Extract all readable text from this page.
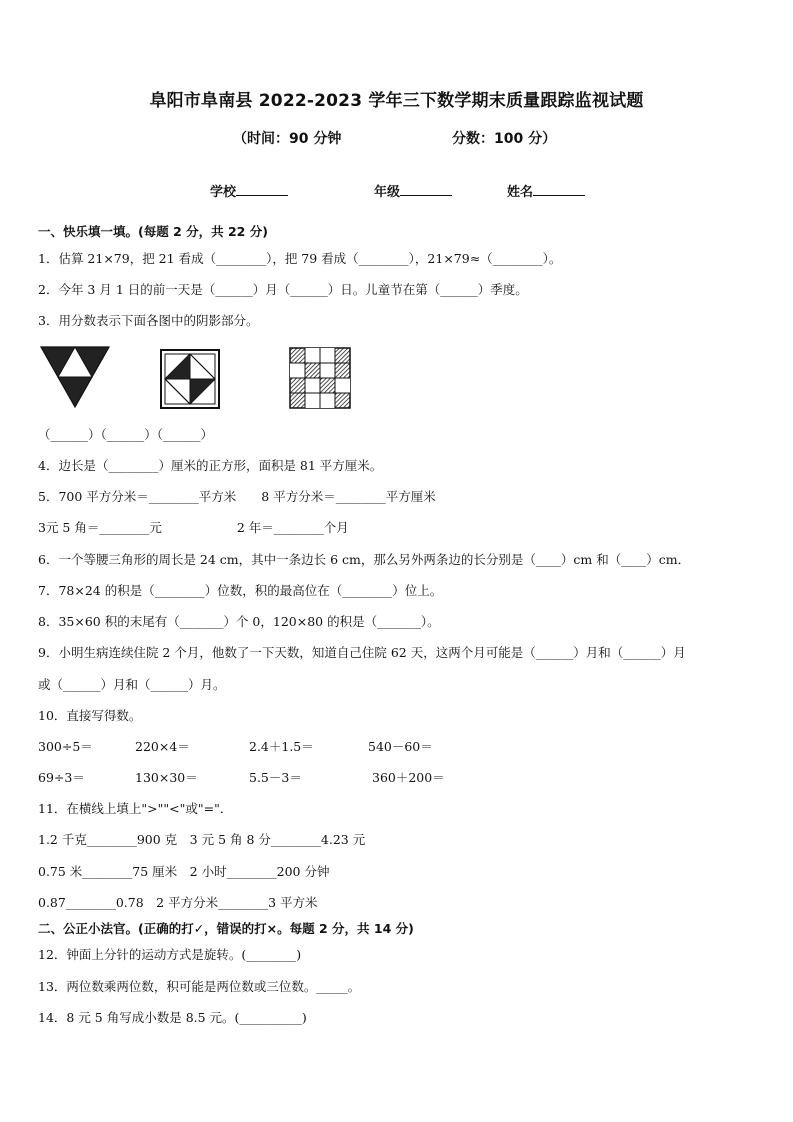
阜阳市阜南县 2022-2023 学年三下数学期末质量跟踪监视试题
（时间：90 分钟	分数：100 分）
学校	年级	姓名
一、快乐填一填。(每题 2 分，共 22 分)
1．估算 21×79，把 21 看成（________），把 79 看成（________），21×79≈（________）。
2．今年 3 月 1 日的前一天是（______）月（______）日。儿童节在第（______）季度。
3．用分数表示下面各图中的阴影部分。
（______）（______）（______）
4．边长是（________）厘米的正方形，面积是 81 平方厘米。
5．700 平方分米＝________平方米　　8 平方分米＝________平方厘米
3元 5 角＝________元　　　　　　2 年＝________个月
6．一个等腰三角形的周长是 24 cm，其中一条边长 6 cm，那么另外两条边的长分别是（____）cm 和（____）cm．
7．78×24 的积是（________）位数，积的最高位在（________）位上。
8．35×60 积的末尾有（_______）个 0，120×80 的积是（_______）。
9．小明生病连续住院 2 个月，他数了一下天数，知道自己住院 62 天，这两个月可能是（______）月和（______）月
或（______）月和（______）月。
10．直接写得数。
300÷5＝	220×4＝	2.4＋1.5＝	540－60＝
69÷3＝	130×30＝	5.5－3＝	360＋200＝
11．在横线上填上">""<"或"="．
1.2 千克________900 克　3 元 5 角 8 分________4.23 元
0.75 米________75 厘米　2 小时________200 分钟
0.87________0.78　2 平方分米________3 平方米
二、公正小法官。(正确的打✓，错误的打×。每题 2 分，共 14 分)
12．钟面上分针的运动方式是旋转。(________)
13．两位数乘两位数，积可能是两位数或三位数。_____。
14．8 元 5 角写成小数是 8.5 元。(__________)
